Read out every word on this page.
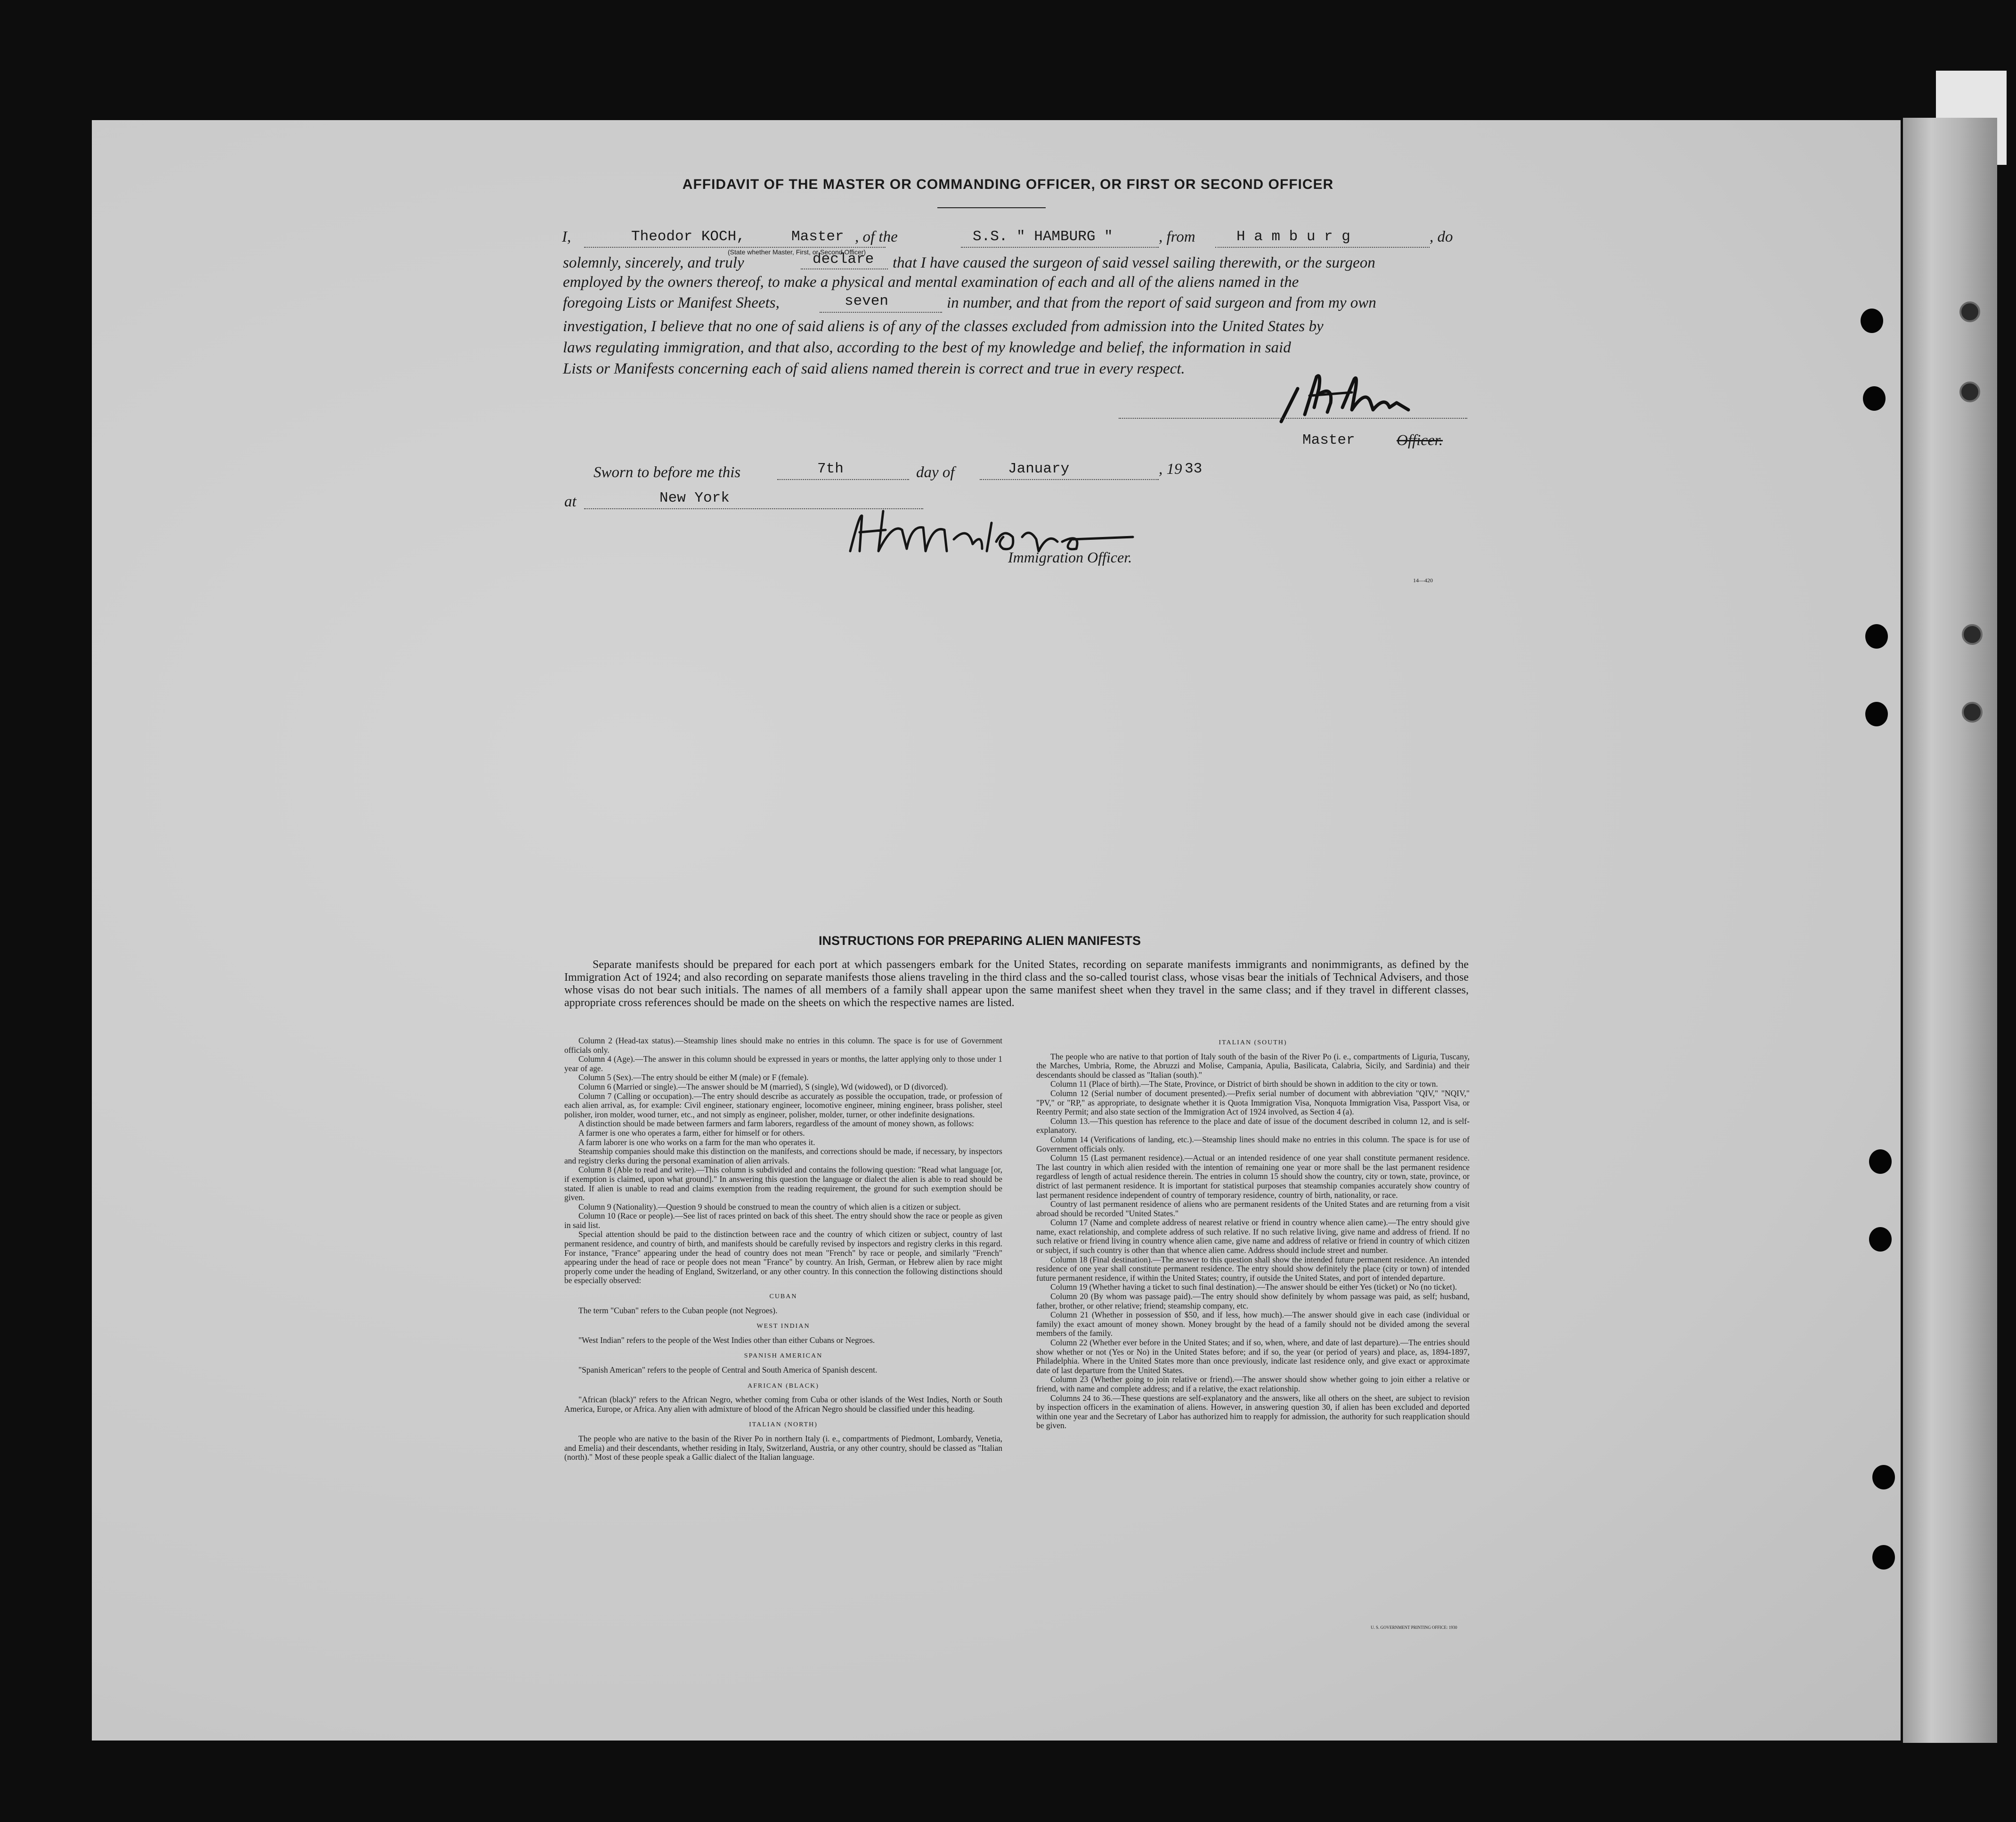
AFFIDAVIT OF THE MASTER OR COMMANDING OFFICER, OR FIRST OR SECOND OFFICER
I,	Theodor KOCH,	Master
(State whether Master, First, or Second Officer)
, of the	S.S. " HAMBURG "	, from	H a m b u r g	, do
solemnly, sincerely, and truly	declare that I have caused the surgeon of said vessel sailing therewith, or the surgeon
employed by the owners thereof, to make a physical and mental examination of each and all of the aliens named in the
foregoing Lists or Manifest Sheets,	seven	in number, and that from the report of said surgeon and from my own
investigation, I believe that no one of said aliens is of any of the classes excluded from admission into the United States by
laws regulating immigration, and that also, according to the best of my knowledge and belief, the information in said
Lists or Manifests concerning each of said aliens named therein is correct and true in every respect.
Master	Officer.
Sworn to before me this	7th	day of	January	, 19 33
at	New York
Immigration Officer.
14—420
INSTRUCTIONS FOR PREPARING ALIEN MANIFESTS
Separate manifests should be prepared for each port at which passengers embark for the United States, recording on separate manifests immigrants and nonimmigrants, as defined by the Immigration Act of 1924; and also recording on separate manifests those aliens traveling in the third class and the so-called tourist class, whose visas bear the initials of Technical Advisers, and those whose visas do not bear such initials. The names of all members of a family shall appear upon the same manifest sheet when they travel in the same class; and if they travel in different classes, appropriate cross references should be made on the sheets on which the respective names are listed.

Column 2 (Head-tax status).—Steamship lines should make no entries in this column. The space is for use of Government officials only.

Column 4 (Age).—The answer in this column should be expressed in years or months, the latter applying only to those under 1 year of age.

Column 5 (Sex).—The entry should be either M (male) or F (female).

Column 6 (Married or single).—The answer should be M (married), S (single), Wd (widowed), or D (divorced).

Column 7 (Calling or occupation).—The entry should describe as accurately as possible the occupation, trade, or profession of each alien arrival, as, for example: Civil engineer, stationary engineer, locomotive engineer, mining engineer, brass polisher, steel polisher, iron molder, wood turner, etc., and not simply as engineer, polisher, molder, turner, or other indefinite designations.

A distinction should be made between farmers and farm laborers, regardless of the amount of money shown, as follows:

A farmer is one who operates a farm, either for himself or for others.

A farm laborer is one who works on a farm for the man who operates it.

Steamship companies should make this distinction on the manifests, and corrections should be made, if necessary, by inspectors and registry clerks during the personal examination of alien arrivals.

Column 8 (Able to read and write).—This column is subdivided and contains the following question: "Read what language [or, if exemption is claimed, upon what ground]." In answering this question the language or dialect the alien is able to read should be stated. If alien is unable to read and claims exemption from the reading requirement, the ground for such exemption should be given.

Column 9 (Nationality).—Question 9 should be construed to mean the country of which alien is a citizen or subject.

Column 10 (Race or people).—See list of races printed on back of this sheet. The entry should show the race or people as given in said list.

Special attention should be paid to the distinction between race and the country of which citizen or subject, country of last permanent residence, and country of birth, and manifests should be carefully revised by inspectors and registry clerks in this regard. For instance, "France" appearing under the head of country does not mean "French" by race or people, and similarly "French" appearing under the head of race or people does not mean "France" by country. An Irish, German, or Hebrew alien by race might properly come under the heading of England, Switzerland, or any other country. In this connection the following distinctions should be especially observed:

CUBAN

The term "Cuban" refers to the Cuban people (not Negroes).

WEST INDIAN

"West Indian" refers to the people of the West Indies other than either Cubans or Negroes.

SPANISH AMERICAN

"Spanish American" refers to the people of Central and South America of Spanish descent.

AFRICAN (BLACK)

"African (black)" refers to the African Negro, whether coming from Cuba or other islands of the West Indies, North or South America, Europe, or Africa. Any alien with admixture of blood of the African Negro should be classified under this heading.

ITALIAN (NORTH)

The people who are native to the basin of the River Po in northern Italy (i. e., compartments of Piedmont, Lombardy, Venetia, and Emelia) and their descendants, whether residing in Italy, Switzerland, Austria, or any other country, should be classed as "Italian (north)." Most of these people speak a Gallic dialect of the Italian language.

ITALIAN (SOUTH)

The people who are native to that portion of Italy south of the basin of the River Po (i. e., compartments of Liguria, Tuscany, the Marches, Umbria, Rome, the Abruzzi and Molise, Campania, Apulia, Basilicata, Calabria, Sicily, and Sardinia) and their descendants should be classed as "Italian (south)."

Column 11 (Place of birth).—The State, Province, or District of birth should be shown in addition to the city or town.

Column 12 (Serial number of document presented).—Prefix serial number of document with abbreviation "QIV," "NQIV," "PV," or "RP," as appropriate, to designate whether it is Quota Immigration Visa, Nonquota Immigration Visa, Passport Visa, or Reentry Permit; and also state section of the Immigration Act of 1924 involved, as Section 4 (a).

Column 13.—This question has reference to the place and date of issue of the document described in column 12, and is self-explanatory.

Column 14 (Verifications of landing, etc.).—Steamship lines should make no entries in this column. The space is for use of Government officials only.

Column 15 (Last permanent residence).—Actual or an intended residence of one year shall constitute permanent residence. The last country in which alien resided with the intention of remaining one year or more shall be the last permanent residence regardless of length of actual residence therein. The entries in column 15 should show the country, city or town, state, province, or district of last permanent residence. It is important for statistical purposes that steamship companies accurately show country of last permanent residence independent of country of temporary residence, country of birth, nationality, or race.

Country of last permanent residence of aliens who are permanent residents of the United States and are returning from a visit abroad should be recorded "United States."

Column 17 (Name and complete address of nearest relative or friend in country whence alien came).—The entry should give name, exact relationship, and complete address of such relative. If no such relative living, give name and address of friend. If no such relative or friend living in country whence alien came, give name and address of relative or friend in country of which citizen or subject, if such country is other than that whence alien came. Address should include street and number.

Column 18 (Final destination).—The answer to this question shall show the intended future permanent residence. An intended residence of one year shall constitute permanent residence. The entry should show definitely the place (city or town) of intended future permanent residence, if within the United States; country, if outside the United States, and port of intended departure.

Column 19 (Whether having a ticket to such final destination).—The answer should be either Yes (ticket) or No (no ticket).

Column 20 (By whom was passage paid).—The entry should show definitely by whom passage was paid, as self; husband, father, brother, or other relative; friend; steamship company, etc.

Column 21 (Whether in possession of $50, and if less, how much).—The answer should give in each case (individual or family) the exact amount of money shown. Money brought by the head of a family should not be divided among the several members of the family.

Column 22 (Whether ever before in the United States; and if so, when, where, and date of last departure).—The entries should show whether or not (Yes or No) in the United States before; and if so, the year (or period of years) and place, as, 1894-1897, Philadelphia. Where in the United States more than once previously, indicate last residence only, and give exact or approximate date of last departure from the United States.

Column 23 (Whether going to join relative or friend).—The answer should show whether going to join either a relative or friend, with name and complete address; and if a relative, the exact relationship.

Columns 24 to 36.—These questions are self-explanatory and the answers, like all others on the sheet, are subject to revision by inspection officers in the examination of aliens. However, in answering question 30, if alien has been excluded and deported within one year and the Secretary of Labor has authorized him to reapply for admission, the authority for such reapplication should be given.

U. S. GOVERNMENT PRINTING OFFICE: 1930
